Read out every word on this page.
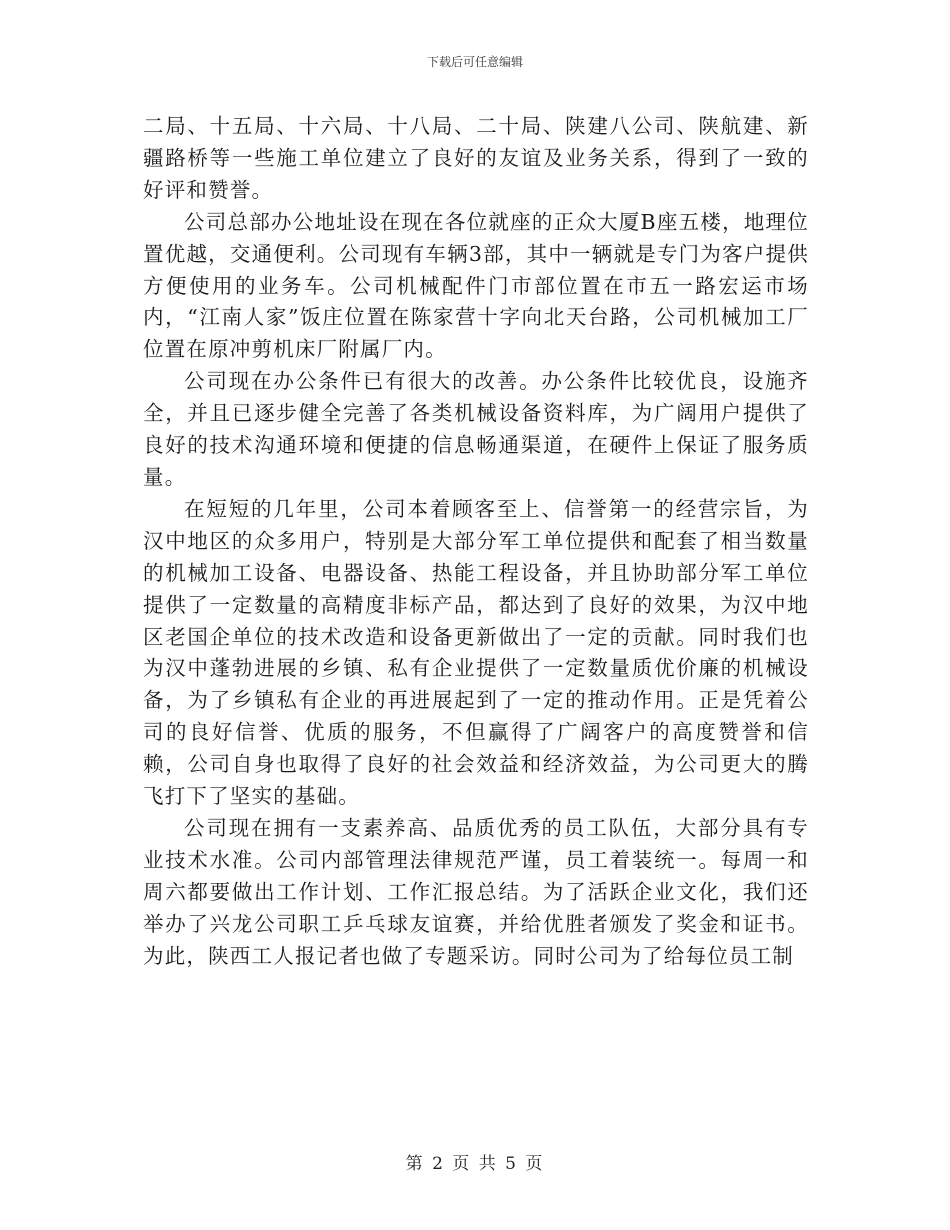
下载后可任意编辑

二局、十五局、十六局、十八局、二十局、陕建八公司、陕航建、新疆路桥等一些施工单位建立了良好的友谊及业务关系，得到了一致的好评和赞誉。

公司总部办公地址设在现在各位就座的正众大厦B座五楼，地理位置优越，交通便利。公司现有车辆3部，其中一辆就是专门为客户提供方便使用的业务车。公司机械配件门市部位置在市五一路宏运市场内，“江南人家”饭庄位置在陈家营十字向北天台路，公司机械加工厂位置在原冲剪机床厂附属厂内。

公司现在办公条件已有很大的改善。办公条件比较优良，设施齐全，并且已逐步健全完善了各类机械设备资料库，为广阔用户提供了良好的技术沟通环境和便捷的信息畅通渠道，在硬件上保证了服务质量。

在短短的几年里，公司本着顾客至上、信誉第一的经营宗旨，为汉中地区的众多用户，特别是大部分军工单位提供和配套了相当数量的机械加工设备、电器设备、热能工程设备，并且协助部分军工单位提供了一定数量的高精度非标产品，都达到了良好的效果，为汉中地区老国企单位的技术改造和设备更新做出了一定的贡献。同时我们也为汉中蓬勃进展的乡镇、私有企业提供了一定数量质优价廉的机械设备，为了乡镇私有企业的再进展起到了一定的推动作用。正是凭着公司的良好信誉、优质的服务，不但赢得了广阔客户的高度赞誉和信赖，公司自身也取得了良好的社会效益和经济效益，为公司更大的腾飞打下了坚实的基础。

公司现在拥有一支素养高、品质优秀的员工队伍，大部分具有专业技术水准。公司内部管理法律规范严谨，员工着装统一。每周一和周六都要做出工作计划、工作汇报总结。为了活跃企业文化，我们还举办了兴龙公司职工乒乓球友谊赛，并给优胜者颁发了奖金和证书。为此，陕西工人报记者也做了专题采访。同时公司为了给每位员工制

第 2 页 共 5 页
